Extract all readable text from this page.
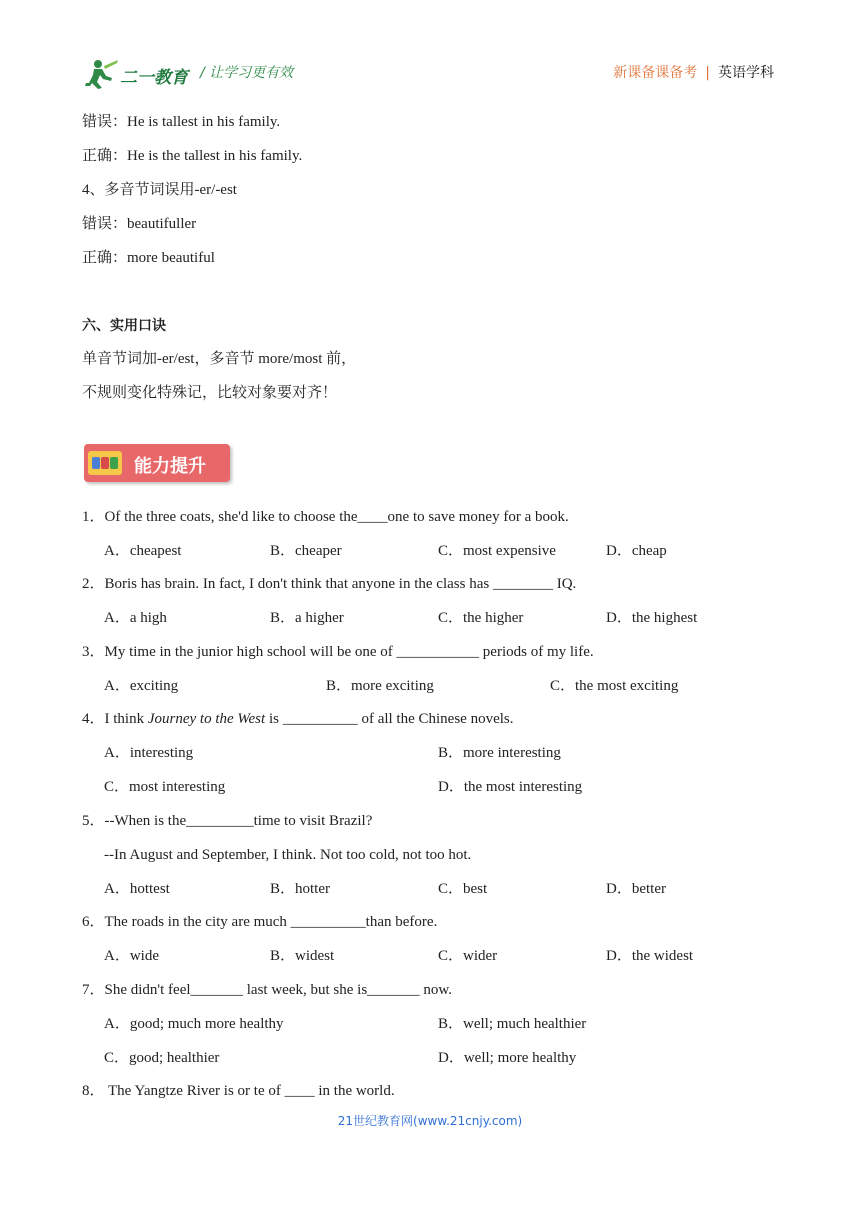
二一教育 / 让学习更有效	新课备课备考 | 英语学科
错误：He is tallest in his family.
正确：He is the tallest in his family.
4、多音节词误用-er/-est
错误：beautifuller
正确：more beautiful
六、实用口诀
单音节词加-er/est，多音节 more/most 前，
不规则变化特殊记，比较对象要对齐！
能力提升
1．Of the three coats, she'd like to choose the____one to save money for a book.
A．cheapest	B．cheaper	C．most expensive	D．cheap
2．Boris has brain. In fact, I don't think that anyone in the class has ________ IQ.
A．a high	B．a higher	C．the higher	D．the highest
3．My time in the junior high school will be one of ___________ periods of my life.
A．exciting	B．more exciting	C．the most exciting
4．I think Journey to the West is __________ of all the Chinese novels.
A．interesting	B．more interesting
C．most interesting	D．the most interesting
5．--When is the_________time to visit Brazil?
--In August and September, I think. Not too cold, not too hot.
A．hottest	B．hotter	C．best	D．better
6．The roads in the city are much __________than before.
A．wide	B．widest	C．wider	D．the widest
7．She didn't feel_______ last week, but she is_______ now.
A．good; much more healthy	B．well; much healthier
C．good; healthier	D．well; more healthy
8． The Yangtze River is or te of ____ in the world.
21世纪教育网(www.21cnjy.com)
